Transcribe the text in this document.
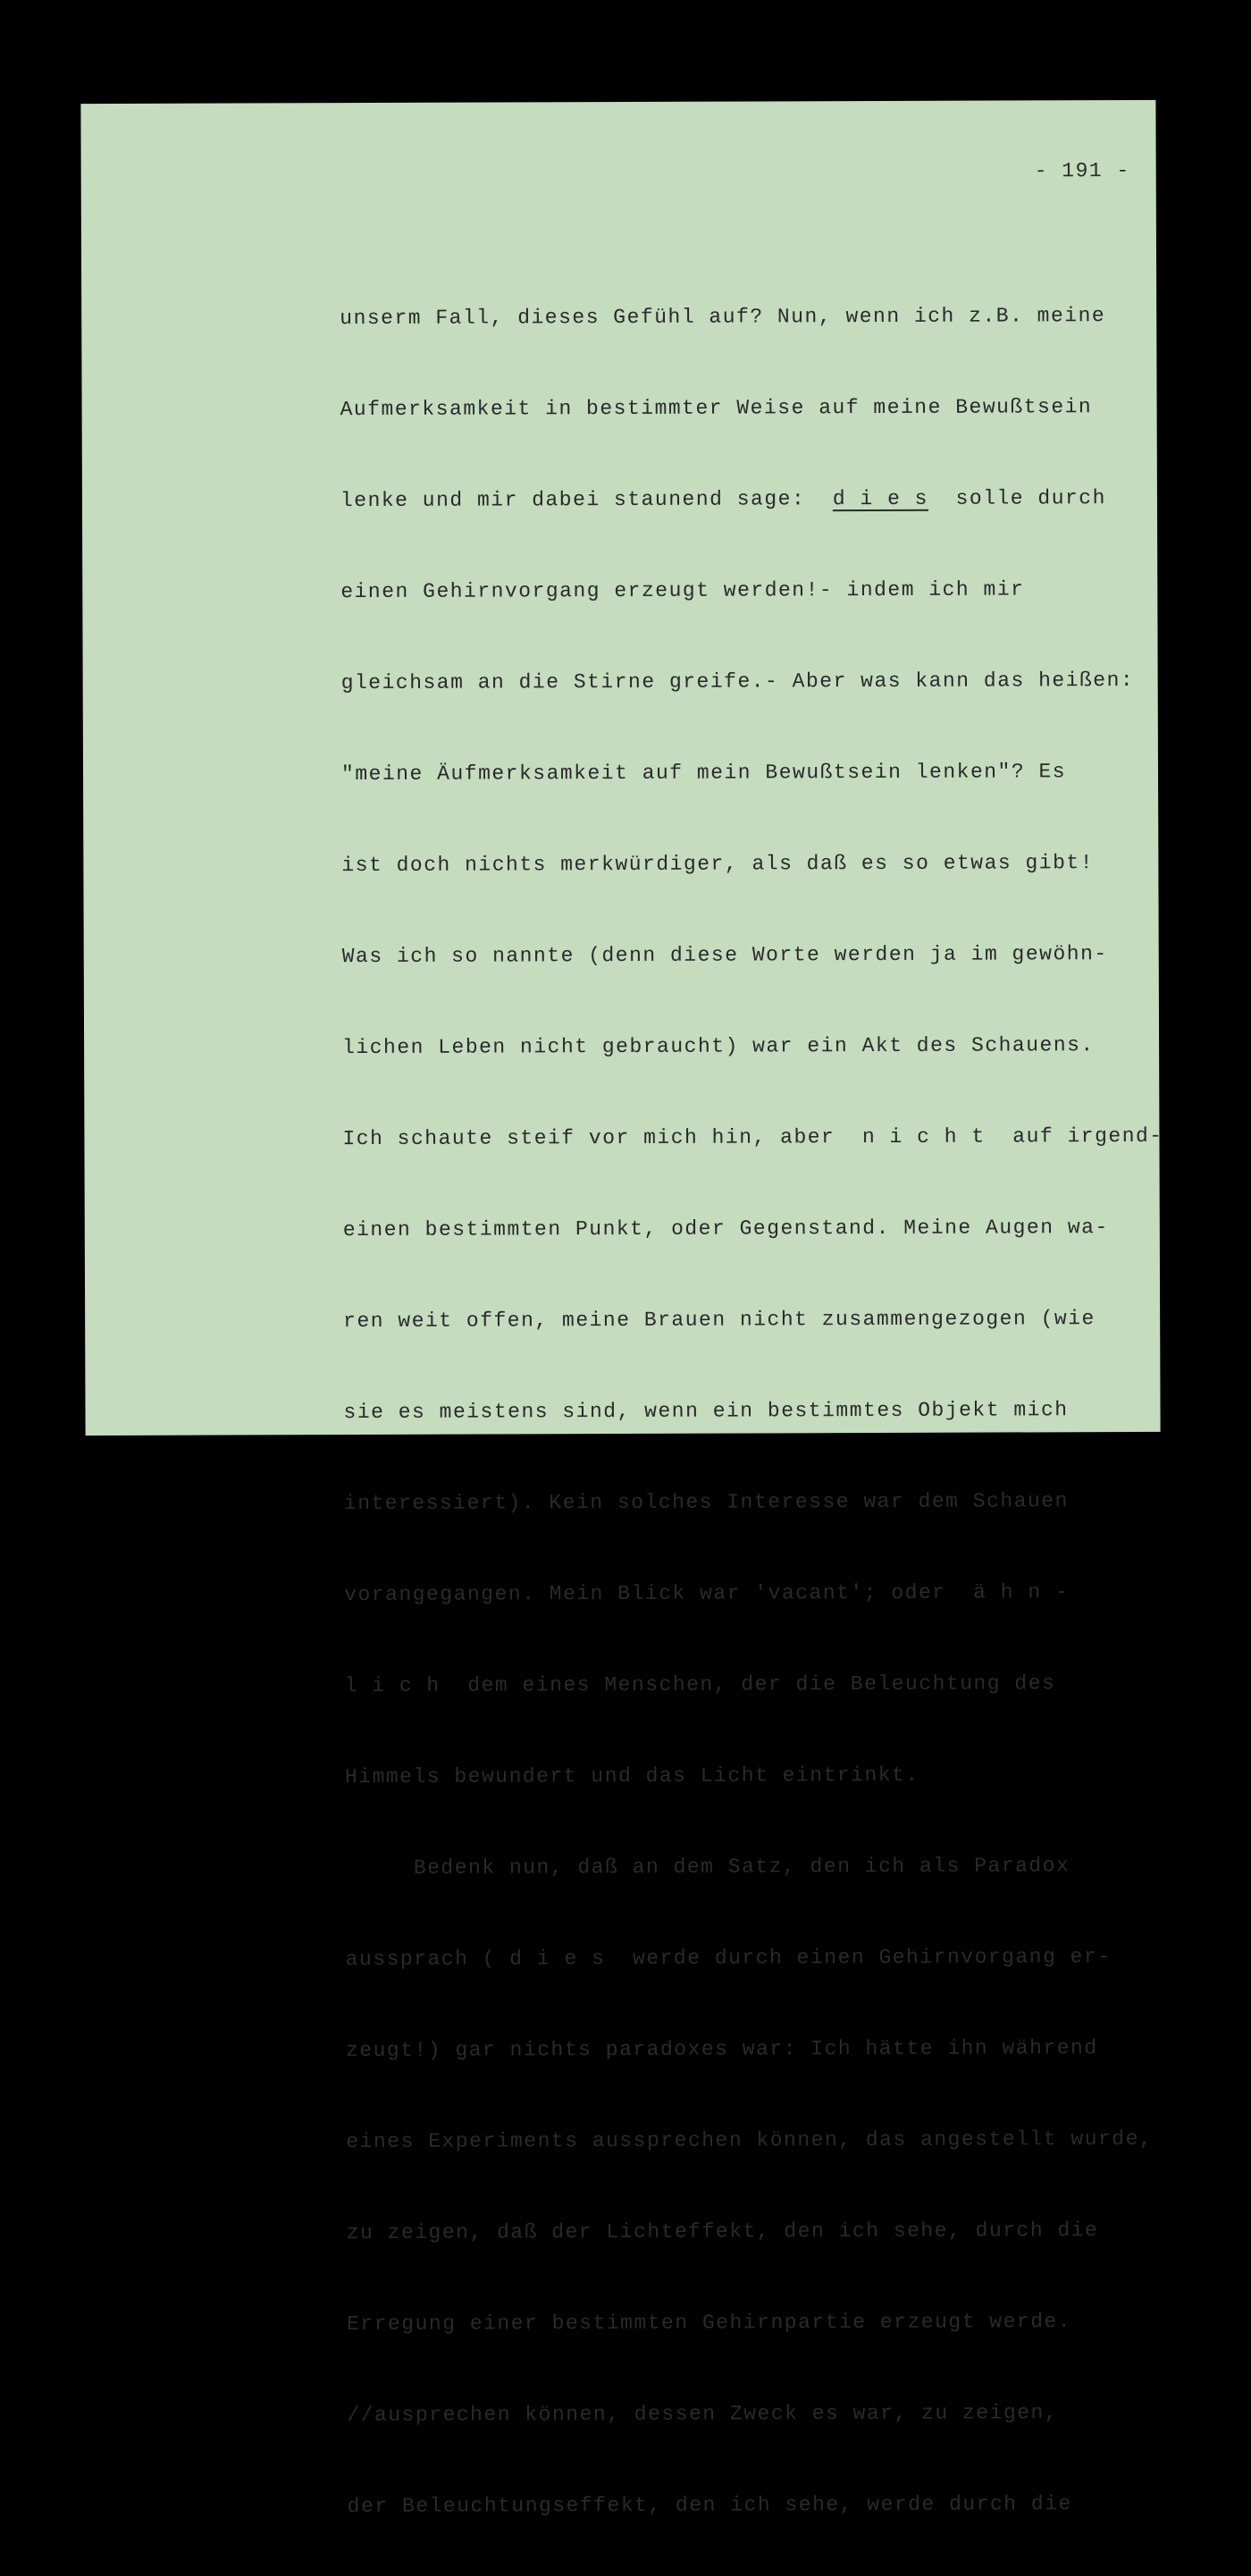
- 191 -

unserm Fall, dieses Gefühl auf? Nun, wenn ich z.B. meine

Aufmerksamkeit in bestimmter Weise auf meine Bewußtsein

lenke und mir dabei staunend sage:  d i e s  solle durch

einen Gehirnvorgang erzeugt werden!- indem ich mir

gleichsam an die Stirne greife.- Aber was kann das heißen:

"meine Äufmerksamkeit auf mein Bewußtsein lenken"? Es

ist doch nichts merkwürdiger, als daß es so etwas gibt!

Was ich so nannte (denn diese Worte werden ja im gewöhn-

lichen Leben nicht gebraucht) war ein Akt des Schauens.

Ich schaute steif vor mich hin, aber  n i c h t  auf irgend-

einen bestimmten Punkt, oder Gegenstand. Meine Augen wa-

ren weit offen, meine Brauen nicht zusammengezogen (wie

sie es meistens sind, wenn ein bestimmtes Objekt mich

interessiert). Kein solches Interesse war dem Schauen

vorangegangen. Mein Blick war 'vacant'; oder  ä h n -

l i c h  dem eines Menschen, der die Beleuchtung des

Himmels bewundert und das Licht eintrinkt.

Bedenk nun, daß an dem Satz, den ich als Paradox

aussprach ( d i e s  werde durch einen Gehirnvorgang er-

zeugt!) gar nichts paradoxes war: Ich hätte ihn während

eines Experiments aussprechen können, das angestellt wurde,

zu zeigen, daß der Lichteffekt, den ich sehe, durch die

Erregung einer bestimmten Gehirnpartie erzeugt werde.

//ausprechen können, dessen Zweck es war, zu zeigen,

der Beleuchtungseffekt, den ich sehe, werde durch die
